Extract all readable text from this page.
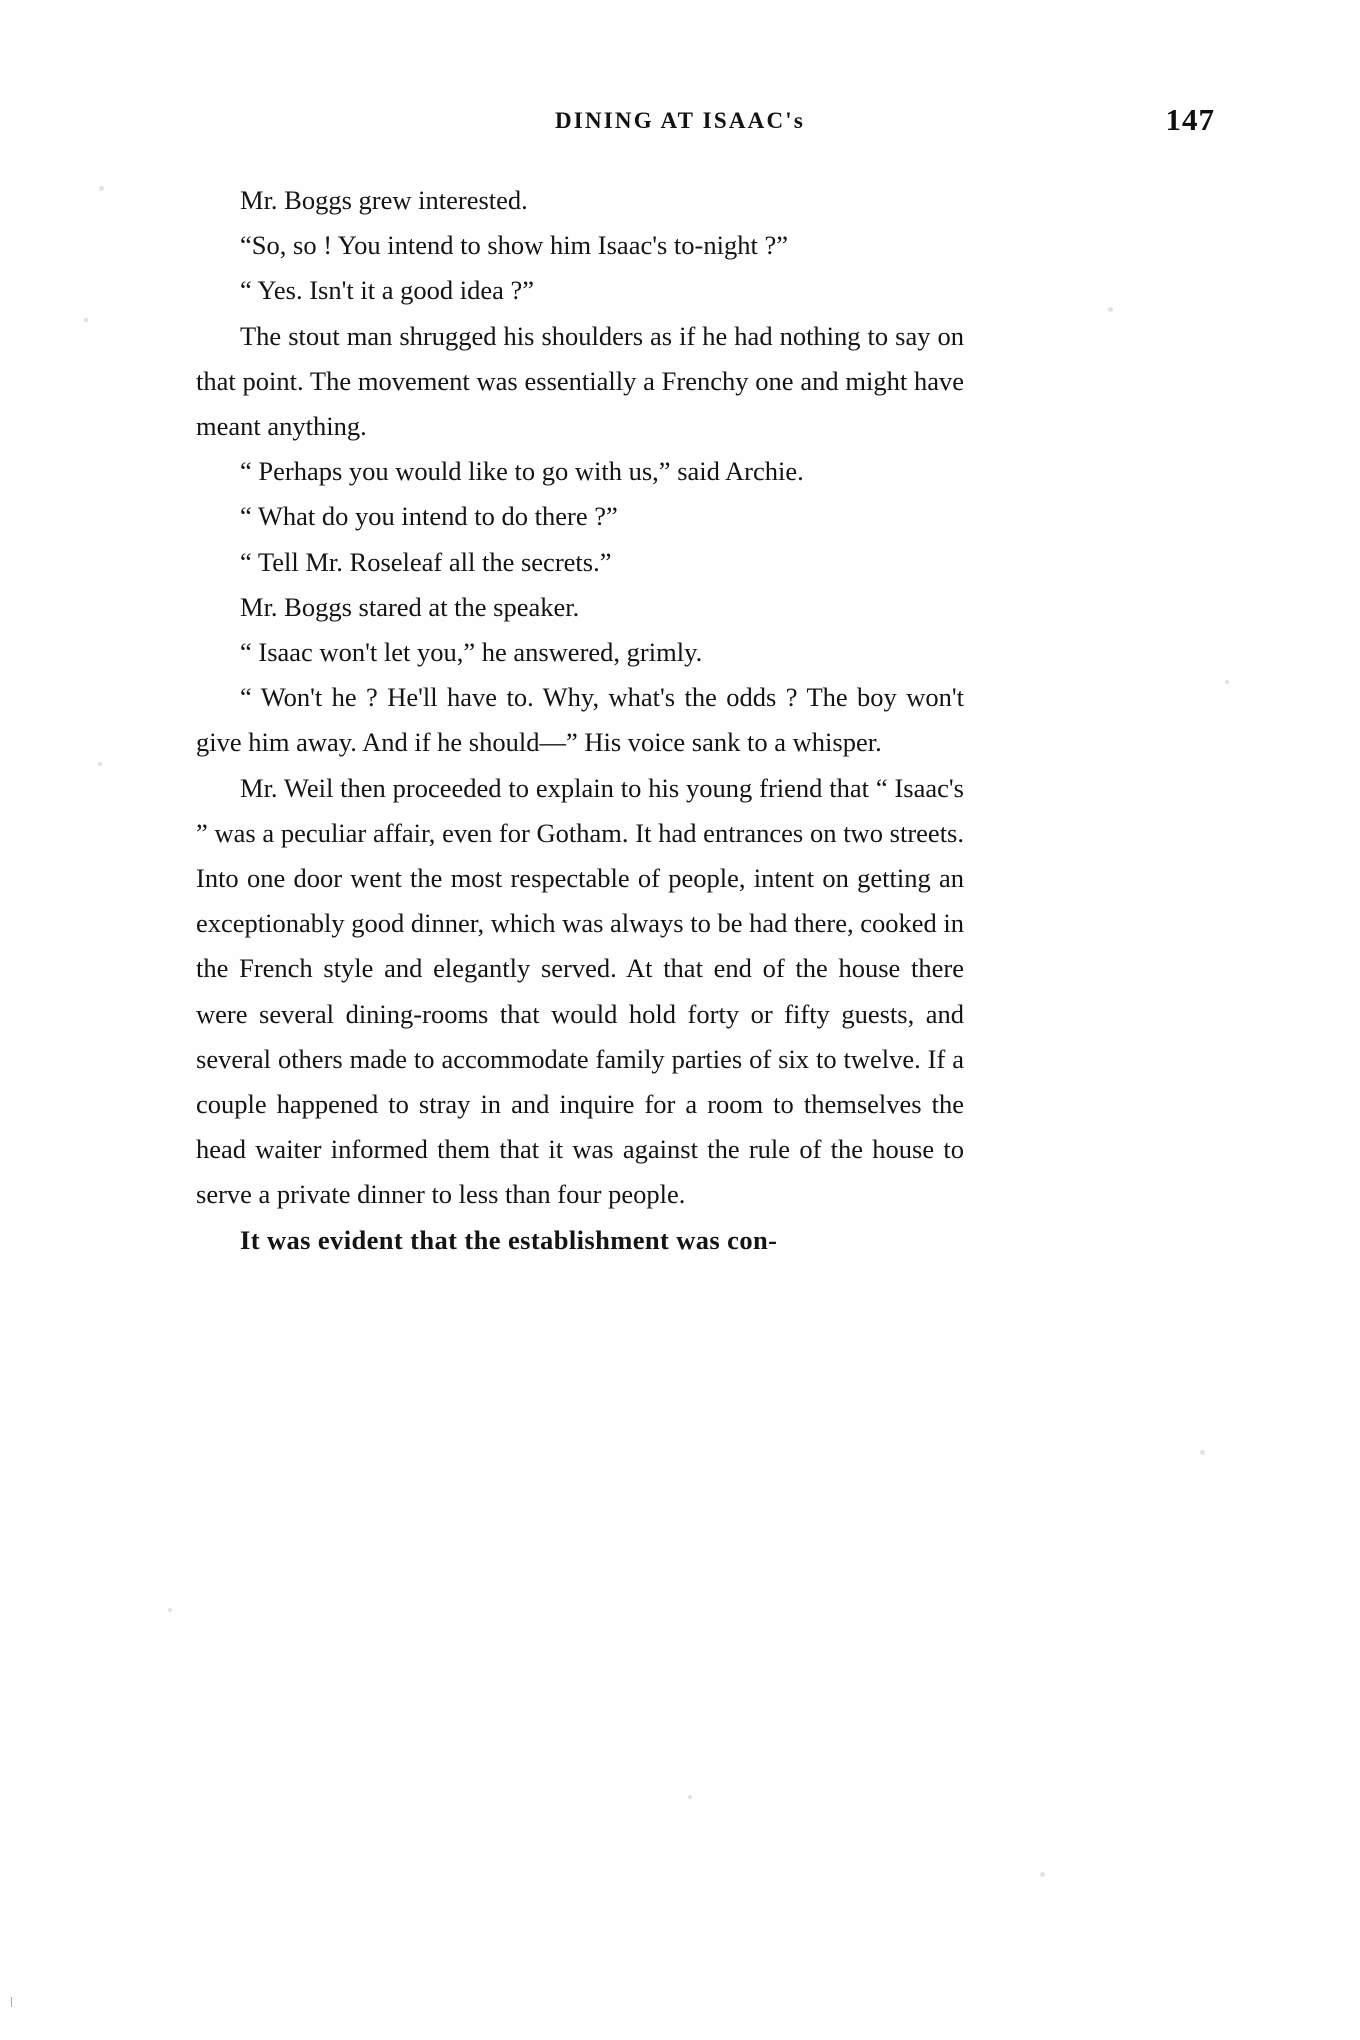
DINING AT ISAAC's	147

Mr. Boggs grew interested.

“So, so ! You intend to show him Isaac's to-night ?”

“ Yes. Isn't it a good idea ?”

The stout man shrugged his shoulders as if he had nothing to say on that point. The movement was essentially a Frenchy one and might have meant anything.

“ Perhaps you would like to go with us,” said Archie.

“ What do you intend to do there ?”

“ Tell Mr. Roseleaf all the secrets.”

Mr. Boggs stared at the speaker.

“ Isaac won't let you,” he answered, grimly.

“ Won't he ? He'll have to. Why, what's the odds ? The boy won't give him away. And if he should—” His voice sank to a whisper.

Mr. Weil then proceeded to explain to his young friend that “ Isaac's ” was a peculiar affair, even for Gotham. It had entrances on two streets. Into one door went the most respectable of people, intent on getting an exceptionably good dinner, which was always to be had there, cooked in the French style and elegantly served. At that end of the house there were several dining-rooms that would hold forty or fifty guests, and several others made to accommodate family parties of six to twelve. If a couple happened to stray in and inquire for a room to themselves the head waiter informed them that it was against the rule of the house to serve a private dinner to less than four people.

It was evident that the establishment was con-

ǀ
